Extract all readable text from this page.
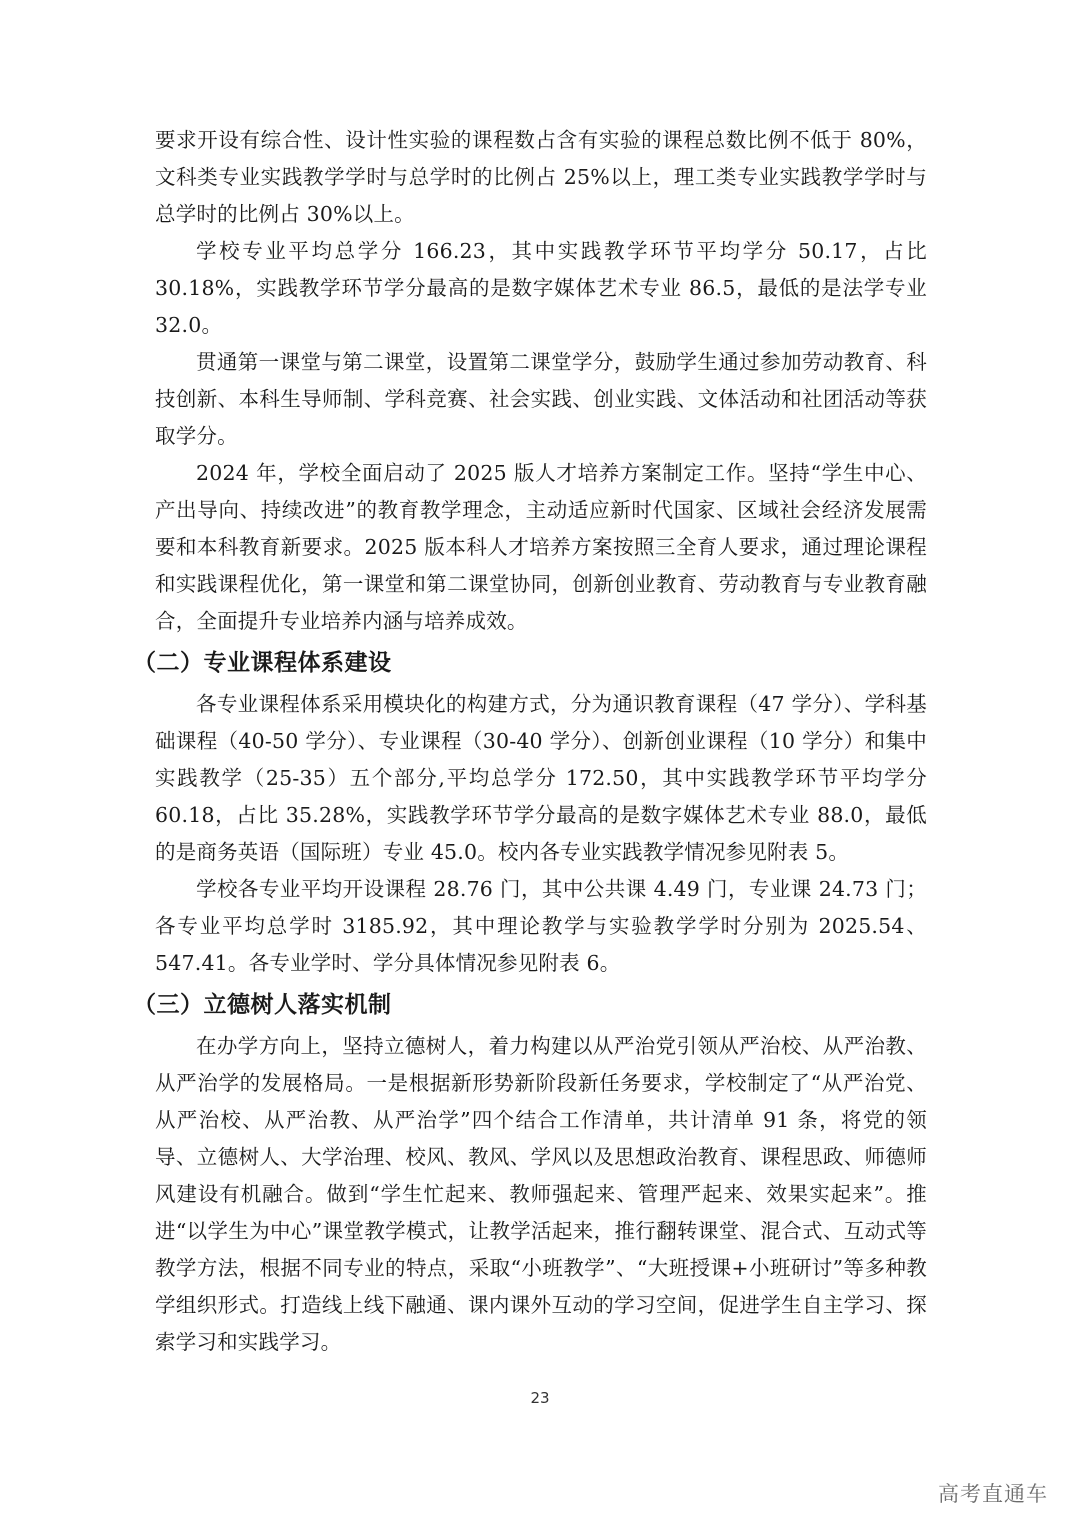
要求开设有综合性、设计性实验的课程数占含有实验的课程总数比例不低于 80%，文科类专业实践教学学时与总学时的比例占 25%以上，理工类专业实践教学学时与总学时的比例占 30%以上。

学校专业平均总学分 166.23，其中实践教学环节平均学分 50.17，占比 30.18%，实践教学环节学分最高的是数字媒体艺术专业 86.5，最低的是法学专业 32.0。

贯通第一课堂与第二课堂，设置第二课堂学分，鼓励学生通过参加劳动教育、科技创新、本科生导师制、学科竞赛、社会实践、创业实践、文体活动和社团活动等获取学分。

2024 年，学校全面启动了 2025 版人才培养方案制定工作。坚持“学生中心、产出导向、持续改进”的教育教学理念，主动适应新时代国家、区域社会经济发展需要和本科教育新要求。2025 版本科人才培养方案按照三全育人要求，通过理论课程和实践课程优化，第一课堂和第二课堂协同，创新创业教育、劳动教育与专业教育融合，全面提升专业培养内涵与培养成效。

（二）专业课程体系建设

各专业课程体系采用模块化的构建方式，分为通识教育课程（47 学分）、学科基础课程（40-50 学分）、专业课程（30-40 学分）、创新创业课程（10 学分）和集中实践教学（25-35）五个部分,平均总学分 172.50，其中实践教学环节平均学分 60.18，占比 35.28%，实践教学环节学分最高的是数字媒体艺术专业 88.0，最低的是商务英语（国际班）专业 45.0。校内各专业实践教学情况参见附表 5。

学校各专业平均开设课程 28.76 门，其中公共课 4.49 门，专业课 24.73 门；各专业平均总学时 3185.92，其中理论教学与实验教学学时分别为 2025.54、547.41。各专业学时、学分具体情况参见附表 6。

（三）立德树人落实机制

在办学方向上，坚持立德树人，着力构建以从严治党引领从严治校、从严治教、从严治学的发展格局。一是根据新形势新阶段新任务要求，学校制定了“从严治党、从严治校、从严治教、从严治学”四个结合工作清单，共计清单 91 条，将党的领导、立德树人、大学治理、校风、教风、学风以及思想政治教育、课程思政、师德师风建设有机融合。做到“学生忙起来、教师强起来、管理严起来、效果实起来”。推进“以学生为中心”课堂教学模式，让教学活起来，推行翻转课堂、混合式、互动式等教学方法，根据不同专业的特点，采取“小班教学”、“大班授课+小班研讨”等多种教学组织形式。打造线上线下融通、课内课外互动的学习空间，促进学生自主学习、探索学习和实践学习。

23
高考直通车
